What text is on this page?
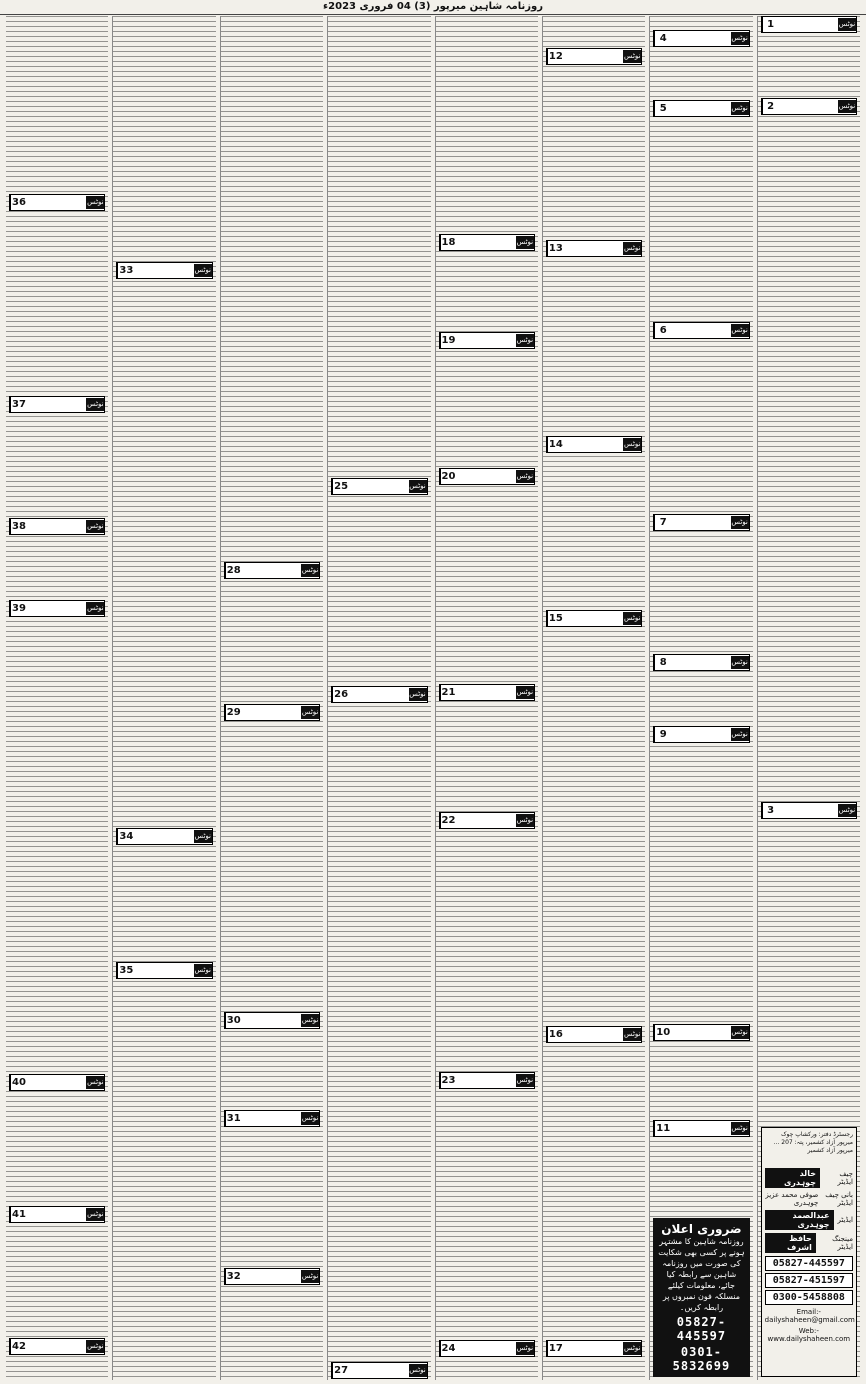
روزنامہ شاہین میرپور (3) 04 فروری 2023ء
1	نوٹس
2	نوٹس
3	نوٹس
رجسٹرڈ دفتر: ورکشاپ چوک میرپور آزاد کشمیر، پتہ: 207 ... میرپور آزاد کشمیر
چیف ایڈیٹر
خالد چوہدری
بانی چیف ایڈیٹر
صوفی محمد عزیز چوہدری
ایڈیٹر
عبدالصمد چوہدری
مینجنگ ایڈیٹر
حافظ اشرف
05827-445597
05827-451597
0300-5458808
Email:- dailyshaheen@gmail.com
Web:-www.dailyshaheen.com
4	نوٹس
5	نوٹس
6	نوٹس
7	نوٹس
8	نوٹس
9	نوٹس
10	نوٹس
11	نوٹس
ضروری اعلان
روزنامہ شاہین کا مشتہر ہونے پر کسی بھی شکایت کی صورت میں روزنامہ شاہین سے رابطہ کیا جائے، معلومات کیلئے منسلکہ فون نمبروں پر رابطہ کریں۔
05827-445597
0301-5832699
12	نوٹس
13	نوٹس
14	نوٹس
15	نوٹس
16	نوٹس
17	نوٹس
18	نوٹس
19	نوٹس
20	نوٹس
21	نوٹس
22	نوٹس
23	نوٹس
24	نوٹس
25	نوٹس
26	نوٹس
27	نوٹس
28	نوٹس
29	نوٹس
30	نوٹس
31	نوٹس
32	نوٹس
33	نوٹس
34	نوٹس
35	نوٹس
36	نوٹس
37	نوٹس
38	نوٹس
39	نوٹس
40	نوٹس
41	نوٹس
42	نوٹس
